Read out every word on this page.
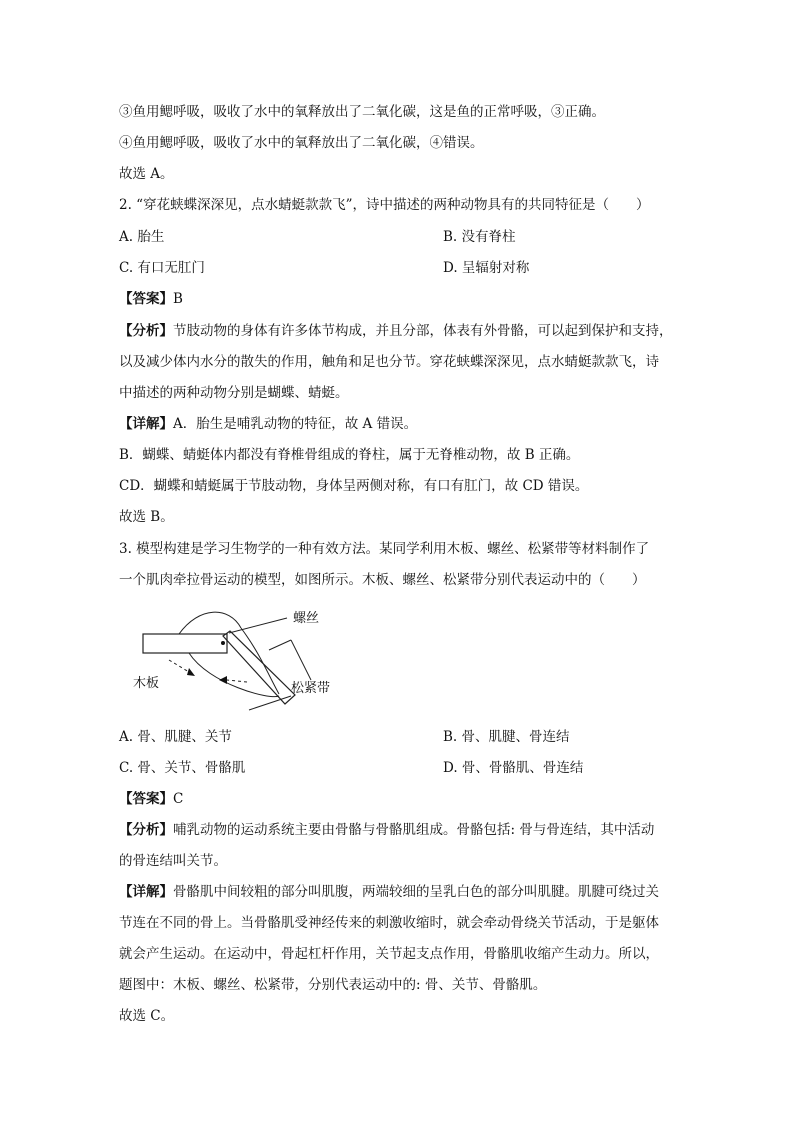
③鱼用鳃呼吸，吸收了水中的氧释放出了二氧化碳，这是鱼的正常呼吸，③正确。
④鱼用鳃呼吸，吸收了水中的氧释放出了二氧化碳，④错误。
故选 A。
2. “穿花蛱蝶深深见，点水蜻蜓款款飞”，诗中描述的两种动物具有的共同特征是（　　）
A. 胎生	B. 没有脊柱
C. 有口无肛门	D. 呈辐射对称
【答案】B
【分析】节肢动物的身体有许多体节构成，并且分部，体表有外骨骼，可以起到保护和支持，
以及减少体内水分的散失的作用，触角和足也分节。穿花蛱蝶深深见，点水蜻蜓款款飞，诗
中描述的两种动物分别是蝴蝶、蜻蜓。
【详解】A．胎生是哺乳动物的特征，故 A 错误。
B．蝴蝶、蜻蜓体内都没有脊椎骨组成的脊柱，属于无脊椎动物，故 B 正确。
CD．蝴蝶和蜻蜓属于节肢动物，身体呈两侧对称，有口有肛门，故 CD 错误。
故选 B。
3. 模型构建是学习生物学的一种有效方法。某同学利用木板、螺丝、松紧带等材料制作了
一个肌肉牵拉骨运动的模型，如图所示。木板、螺丝、松紧带分别代表运动中的（　　）
螺丝
木板	松紧带
A. 骨、肌腱、关节	B. 骨、肌腱、骨连结
C. 骨、关节、骨骼肌	D. 骨、骨骼肌、骨连结
【答案】C
【分析】哺乳动物的运动系统主要由骨骼与骨骼肌组成。骨骼包括: 骨与骨连结，其中活动
的骨连结叫关节。
【详解】骨骼肌中间较粗的部分叫肌腹，两端较细的呈乳白色的部分叫肌腱。肌腱可绕过关
节连在不同的骨上。当骨骼肌受神经传来的刺激收缩时，就会牵动骨绕关节活动，于是躯体
就会产生运动。在运动中，骨起杠杆作用，关节起支点作用，骨骼肌收缩产生动力。所以，
题图中：木板、螺丝、松紧带，分别代表运动中的: 骨、关节、骨骼肌。
故选 C。
